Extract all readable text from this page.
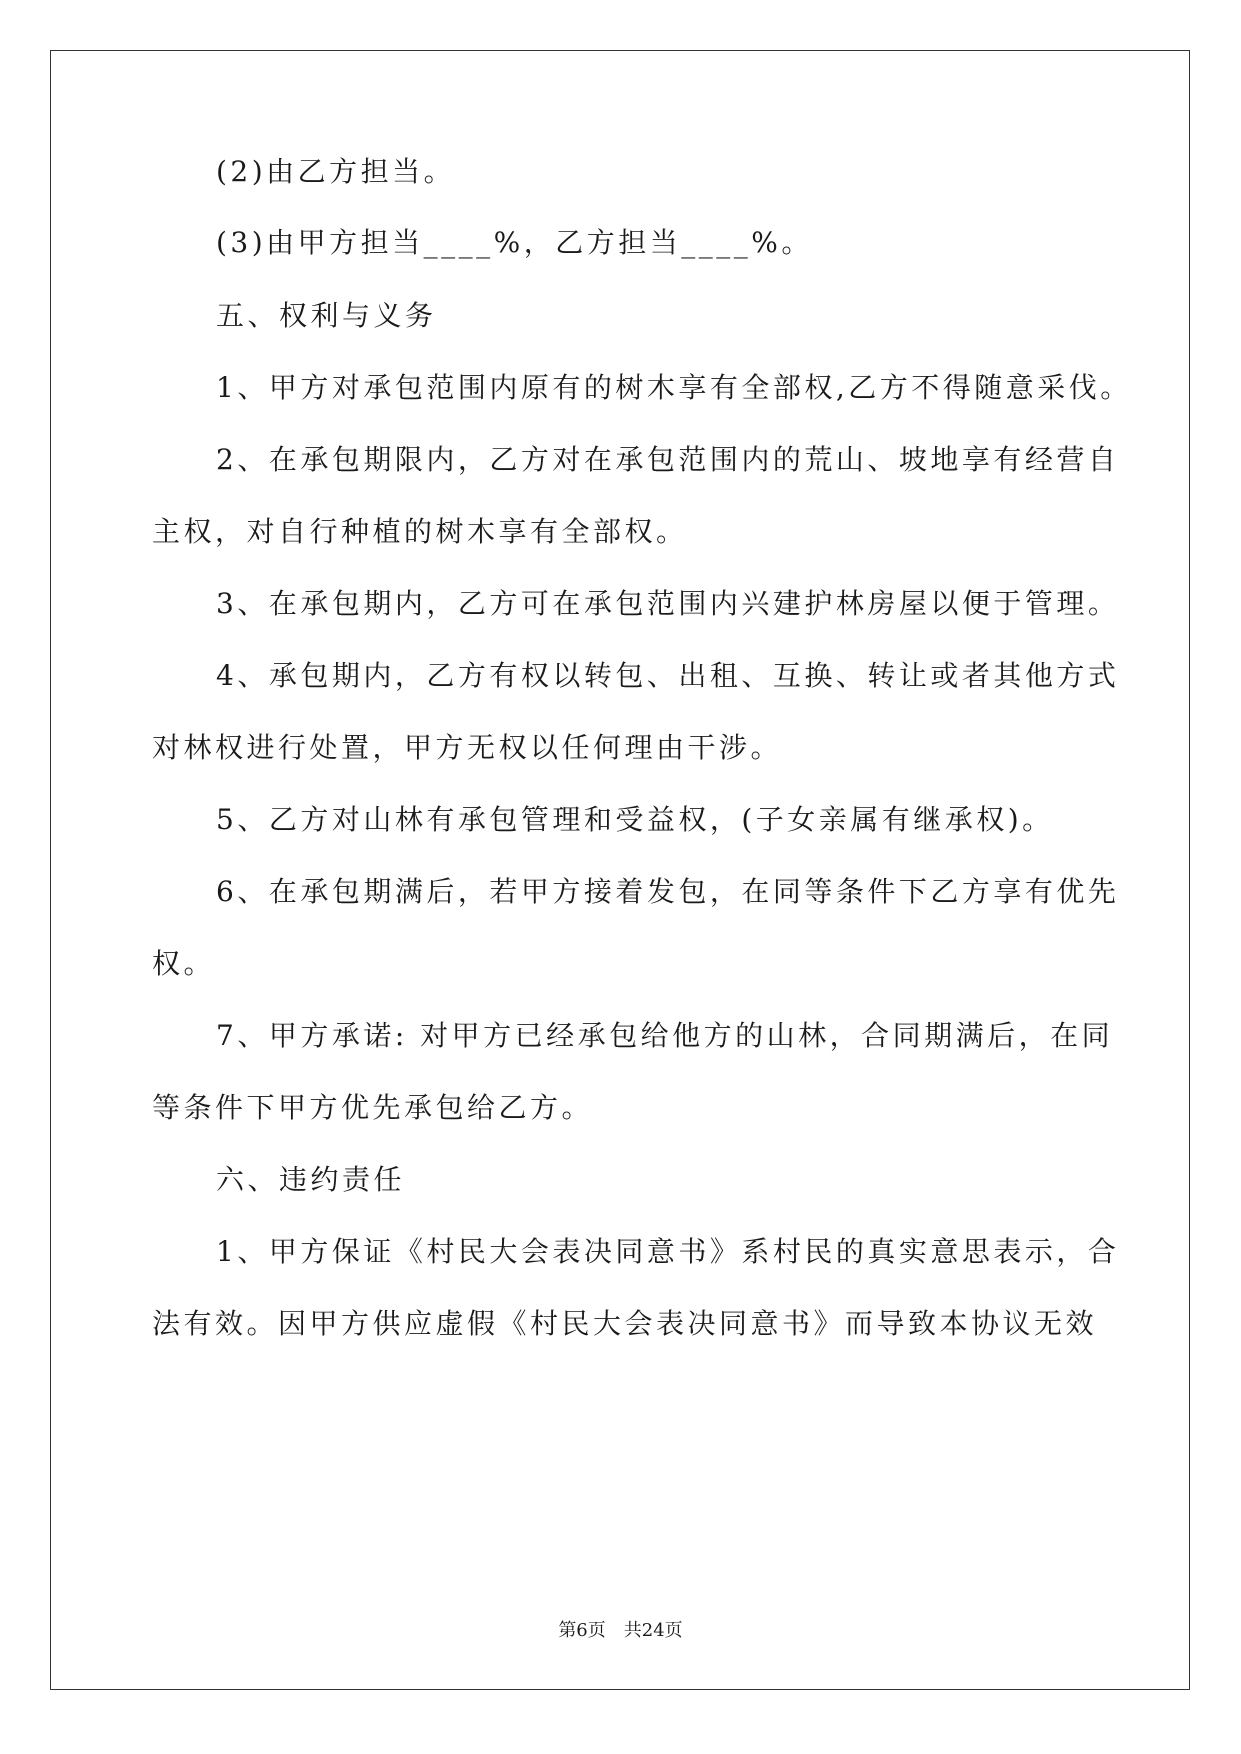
(2)由乙方担当。

(3)由甲方担当____%，乙方担当____%。

五、权利与义务

1、甲方对承包范围内原有的树木享有全部权,乙方不得随意采伐。

2、在承包期限内，乙方对在承包范围内的荒山、坡地享有经营自

主权，对自行种植的树木享有全部权。

3、在承包期内，乙方可在承包范围内兴建护林房屋以便于管理。

4、承包期内，乙方有权以转包、出租、互换、转让或者其他方式

对林权进行处置，甲方无权以任何理由干涉。

5、乙方对山林有承包管理和受益权，(子女亲属有继承权)。

6、在承包期满后，若甲方接着发包，在同等条件下乙方享有优先

权。

7、甲方承诺: 对甲方已经承包给他方的山林，合同期满后，在同

等条件下甲方优先承包给乙方。

六、违约责任

1、甲方保证《村民大会表决同意书》系村民的真实意思表示，合

法有效。因甲方供应虚假《村民大会表决同意书》而导致本协议无效

第6页 共24页
